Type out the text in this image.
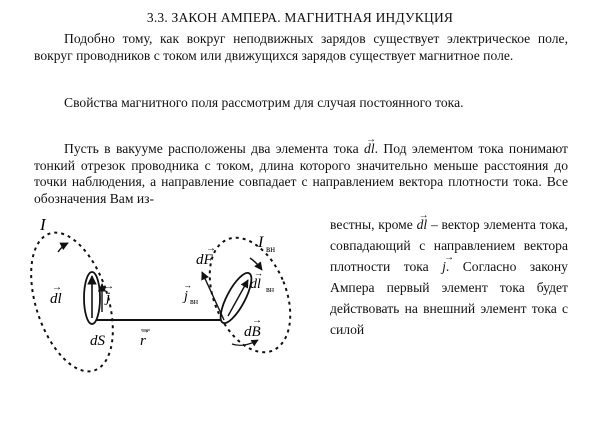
3.3. ЗАКОН АМПЕРА. МАГНИТНАЯ ИНДУКЦИЯ
Подобно тому, как вокруг неподвижных зарядов существует электрическое поле, вокруг проводников с током или движущихся зарядов существует магнитное поле.
Свойства магнитного поля рассмотрим для случая постоянного тока.
Пусть в вакууме расположены два элемента тока → dl. Под элементом тока понимают тонкий отрезок проводника с током, длина которого значительно меньше расстояния до точки наблюдения, а направление совпадает с направлением вектора плотности тока. Все обозначения Вам из-
вестны, кроме → dl – вектор элемента тока, совпадающий с направлением вектора плотности тока → j. Согласно закону Ампера первый элемент тока будет действовать на внешний элемент тока с силой
I
dl
→
j
→
dS r
→
j
→
вн
dF
→	I вн
dl
→
вн
dB
→
